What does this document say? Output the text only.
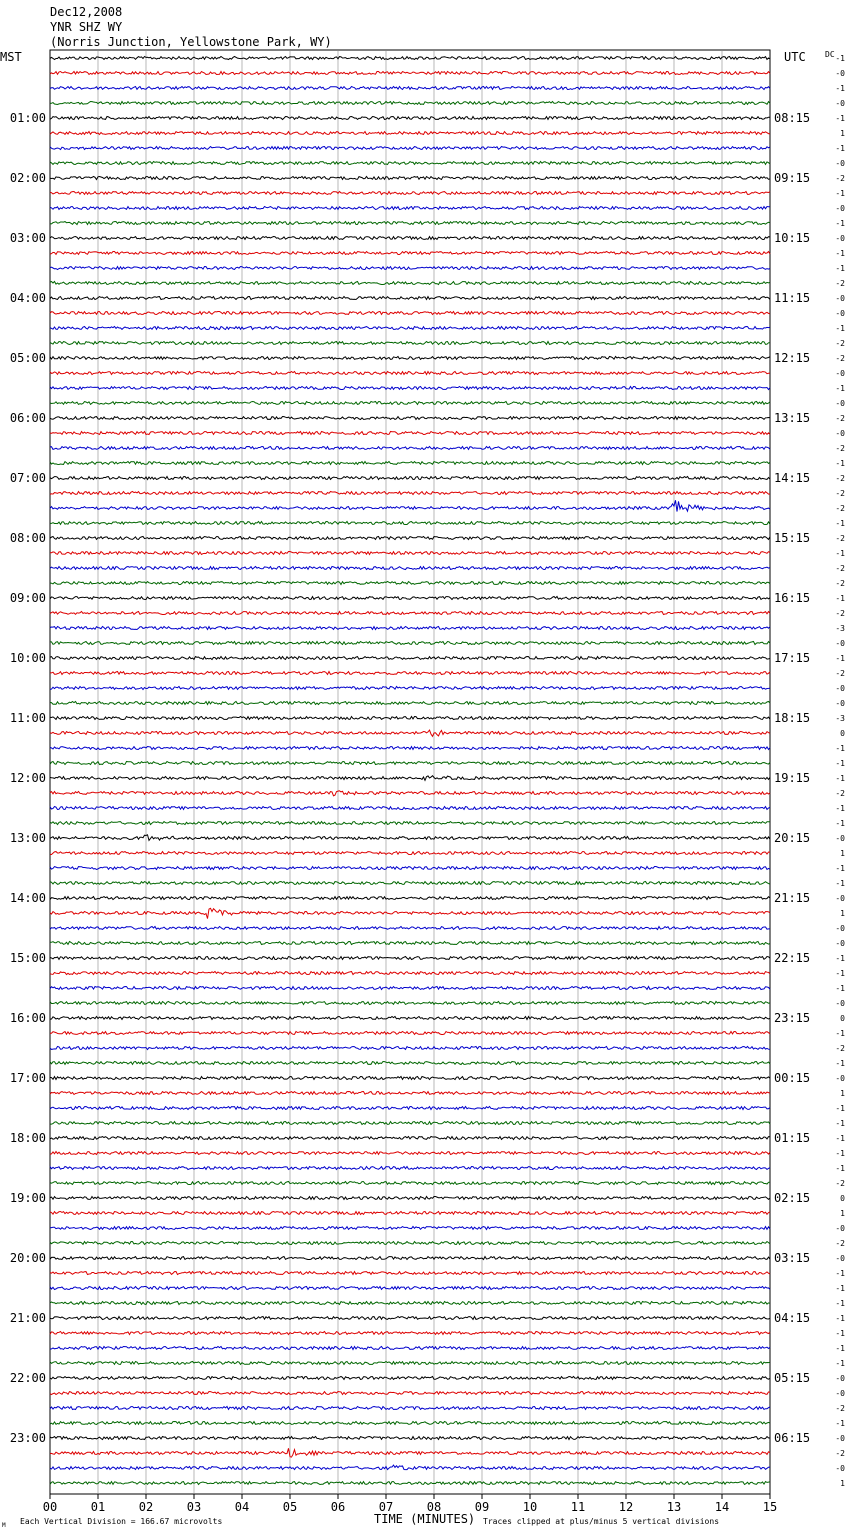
Dec12,2008
YNR SHZ WY
(Norris Junction, Yellowstone Park, WY)
MST	UTC DC
01:00
02:00
03:00
04:00
05:00
06:00
07:00
08:00
09:00
10:00
11:00
12:00
13:00
14:00
15:00
16:00
17:00
18:00
19:00
20:00
21:00
22:00
23:00
08:15
09:15
10:15
11:15
12:15
13:15
14:15
15:15
16:15
17:15
18:15
19:15
20:15
21:15
22:15
23:15
00:15
01:15
02:15
03:15
04:15
05:15
06:15
-1
-0
-1
-0
-1
1
-1
-0
-2
-1
-0
-1
-0
-1
-1
-2
-0
-0
-1
-2
-2
-0
-1
-0
-2
-0
-2
-1
-2
-2
-2
-1
-2
-1
-2
-2
-1
-2
-3
-0
-1
-2
-0
-0
-3
0
-1
-1
-1
-2
-1
-1
-0
1
-1
-1
-0
1
-0
-0
-1
-1
-1
-0
0
-1
-2
-1
-0
1
-1
-1
-1
-1
-1
-2
0
1
-0
-2
-0
-1
-1
-1
-1
-1
-1
-1
-0
-0
-2
-1
-0
-2
-0
1
00	01	02	03	04	05	06	07	08	09	10	11	12	13	14	15
TIME (MINUTES)
Each Vertical Division = 166.67 microvolts	Traces clipped at plus/minus 5 vertical divisions
M
